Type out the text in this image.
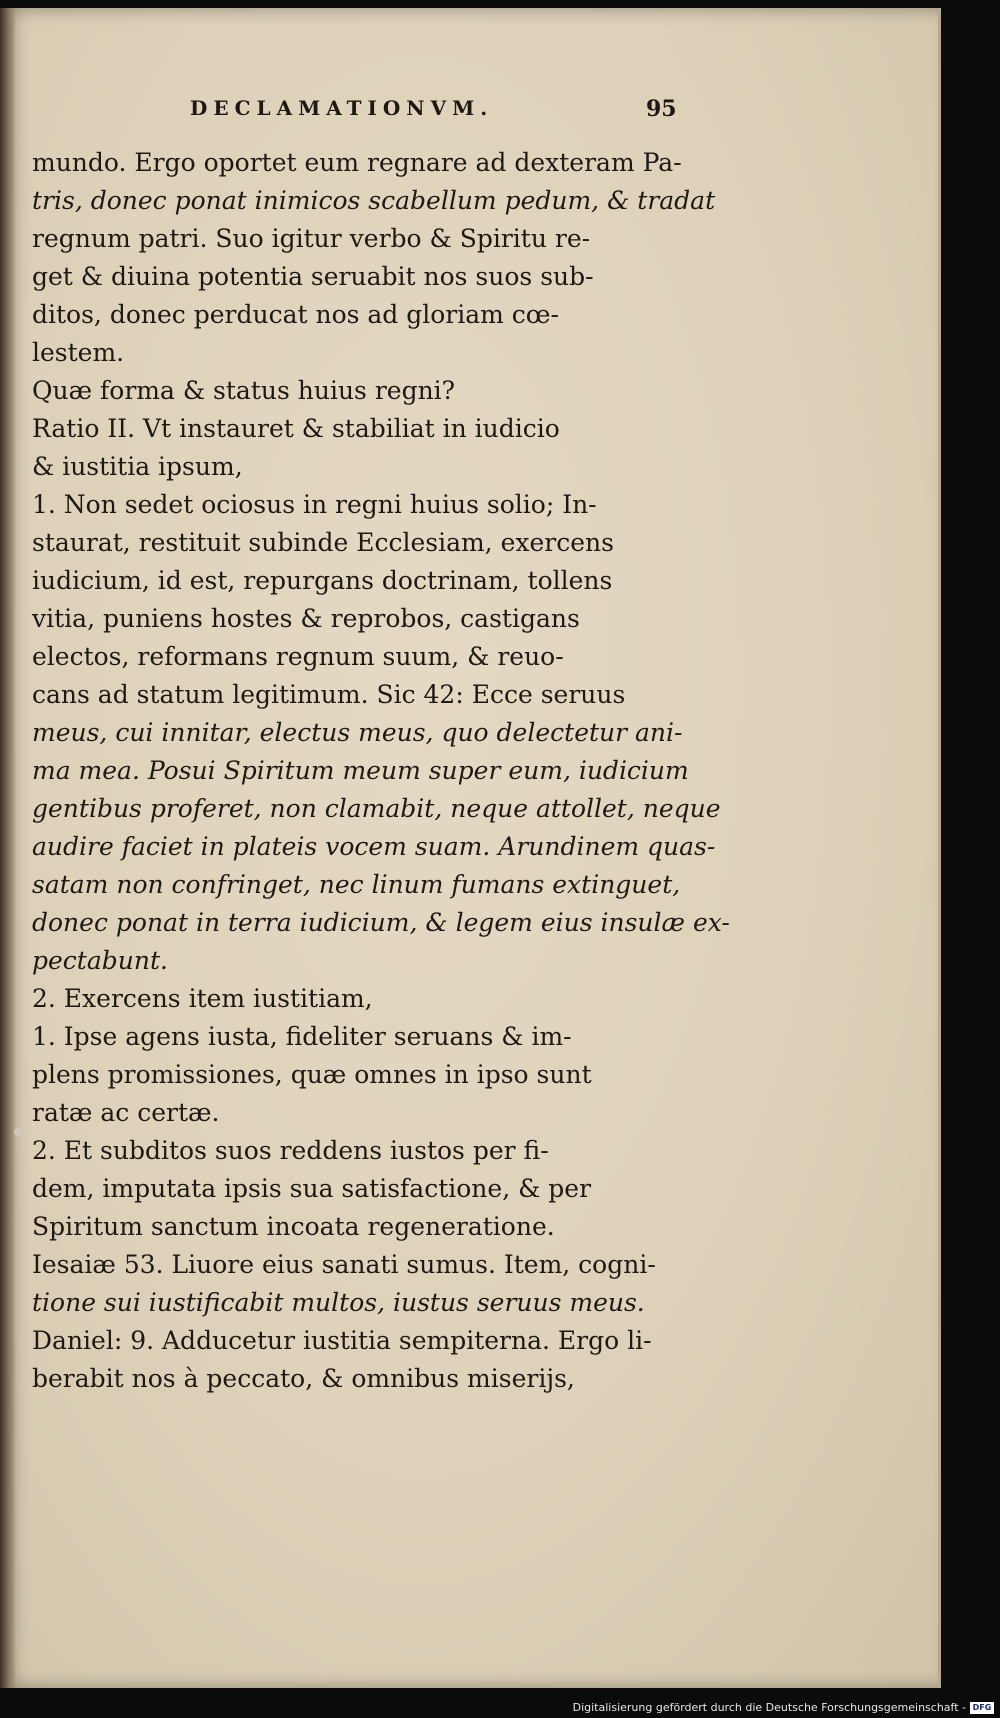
DECLAMATIONVM.	95
mundo. Ergo oportet eum regnare ad dexteram Pa-
tris, donec ponat inimicos scabellum pedum, & tradat
regnum patri. Suo igitur verbo & Spiritu re-
get & diuina potentia seruabit nos suos sub-
ditos, donec perducat nos ad gloriam cœ-
lestem.
Quæ forma & status huius regni?
Ratio II. Vt instauret & stabiliat in iudicio
& iustitia ipsum,
1. Non sedet ociosus in regni huius solio; In-
staurat, restituit subinde Ecclesiam, exercens
iudicium, id est, repurgans doctrinam, tollens
vitia, puniens hostes & reprobos, castigans
electos, reformans regnum suum, & reuo-
cans ad statum legitimum. Sic 42: Ecce seruus
meus, cui innitar, electus meus, quo delectetur ani-
ma mea. Posui Spiritum meum super eum, iudicium
gentibus proferet, non clamabit, neque attollet, neque
audire faciet in plateis vocem suam. Arundinem quas-
satam non confringet, nec linum fumans extinguet,
donec ponat in terra iudicium, & legem eius insulæ ex-
pectabunt.
2. Exercens item iustitiam,
1. Ipse agens iusta, fideliter seruans & im-
plens promissiones, quæ omnes in ipso sunt
ratæ ac certæ.
2. Et subditos suos reddens iustos per fi-
dem, imputata ipsis sua satisfactione, & per
Spiritum sanctum incoata regeneratione.
Iesaiæ 53. Liuore eius sanati sumus. Item, cogni-
tione sui iustificabit multos, iustus seruus meus.
Daniel: 9. Adducetur iustitia sempiterna. Ergo li-
berabit nos à peccato, & omnibus miserijs,
Digitalisierung gefördert durch die Deutsche Forschungsgemeinschaft - DFG
